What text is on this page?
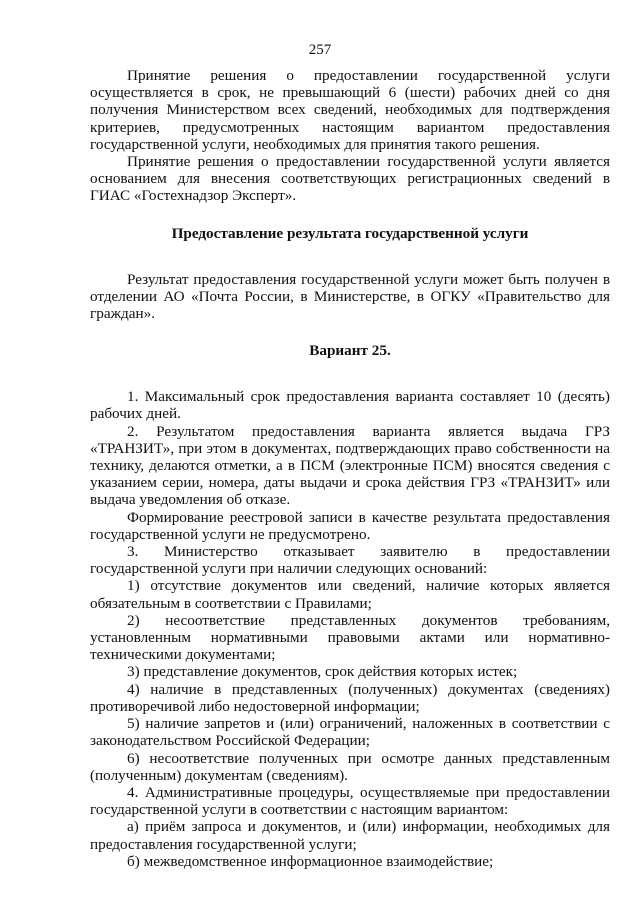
257

Принятие решения о предоставлении государственной услуги осуществляется в срок, не превышающий 6 (шести) рабочих дней со дня получения Министерством всех сведений, необходимых для подтверждения критериев, предусмотренных настоящим вариантом предоставления государственной услуги, необходимых для принятия такого решения.

Принятие решения о предоставлении государственной услуги является основанием для внесения соответствующих регистрационных сведений в ГИАС «Гостехнадзор Эксперт».

Предоставление результата государственной услуги

Результат предоставления государственной услуги может быть получен в отделении АО «Почта России, в Министерстве, в ОГКУ «Правительство для граждан».

Вариант 25.

1. Максимальный срок предоставления варианта составляет 10 (десять) рабочих дней.

2. Результатом предоставления варианта является выдача ГРЗ «ТРАНЗИТ», при этом в документах, подтверждающих право собственности на технику, делаются отметки, а в ПСМ (электронные ПСМ) вносятся сведения с указанием серии, номера, даты выдачи и срока действия ГРЗ «ТРАНЗИТ» или выдача уведомления об отказе.

Формирование реестровой записи в качестве результата предоставления государственной услуги не предусмотрено.

3. Министерство отказывает заявителю в предоставлении государственной услуги при наличии следующих оснований:

1) отсутствие документов или сведений, наличие которых является обязательным в соответствии с Правилами;

2) несоответствие представленных документов требованиям, установленным нормативными правовыми актами или нормативно-техническими документами;

3) представление документов, срок действия которых истек;

4) наличие в представленных (полученных) документах (сведениях) противоречивой либо недостоверной информации;

5) наличие запретов и (или) ограничений, наложенных в соответствии с законодательством Российской Федерации;

6) несоответствие полученных при осмотре данных представленным (полученным) документам (сведениям).

4. Административные процедуры, осуществляемые при предоставлении государственной услуги в соответствии с настоящим вариантом:

а) приём запроса и документов, и (или) информации, необходимых для предоставления государственной услуги;

б) межведомственное информационное взаимодействие;
